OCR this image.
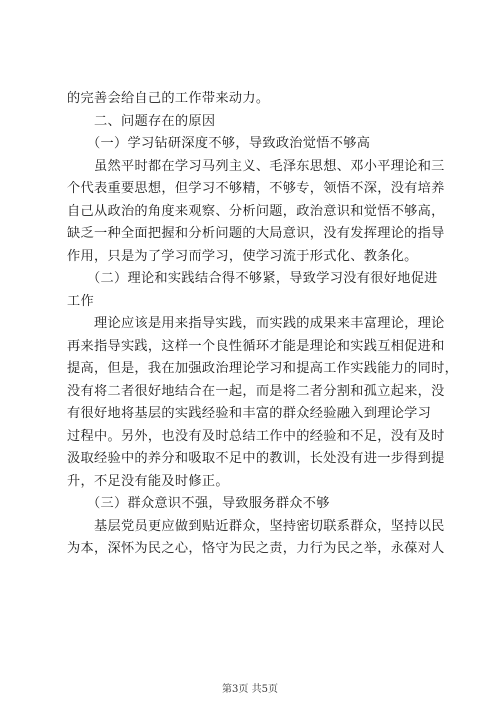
的完善会给自己的工作带来动力。
二、问题存在的原因
（一）学习钻研深度不够，导致政治觉悟不够高
虽然平时都在学习马列主义、毛泽东思想、邓小平理论和三
个代表重要思想，但学习不够精，不够专，领悟不深，没有培养
自己从政治的角度来观察、分析问题，政治意识和觉悟不够高，
缺乏一种全面把握和分析问题的大局意识，没有发挥理论的指导
作用，只是为了学习而学习，使学习流于形式化、教条化。
（二）理论和实践结合得不够紧，导致学习没有很好地促进
工作
理论应该是用来指导实践，而实践的成果来丰富理论，理论
再来指导实践，这样一个良性循环才能是理论和实践互相促进和
提高，但是，我在加强政治理论学习和提高工作实践能力的同时，
没有将二者很好地结合在一起，而是将二者分割和孤立起来，没
有很好地将基层的实践经验和丰富的群众经验融入到理论学习
过程中。另外，也没有及时总结工作中的经验和不足，没有及时
汲取经验中的养分和吸取不足中的教训，长处没有进一步得到提
升，不足没有能及时修正。
（三）群众意识不强，导致服务群众不够
基层党员更应做到贴近群众，坚持密切联系群众，坚持以民
为本，深怀为民之心，恪守为民之责，力行为民之举，永葆对人
第3页 共5页
